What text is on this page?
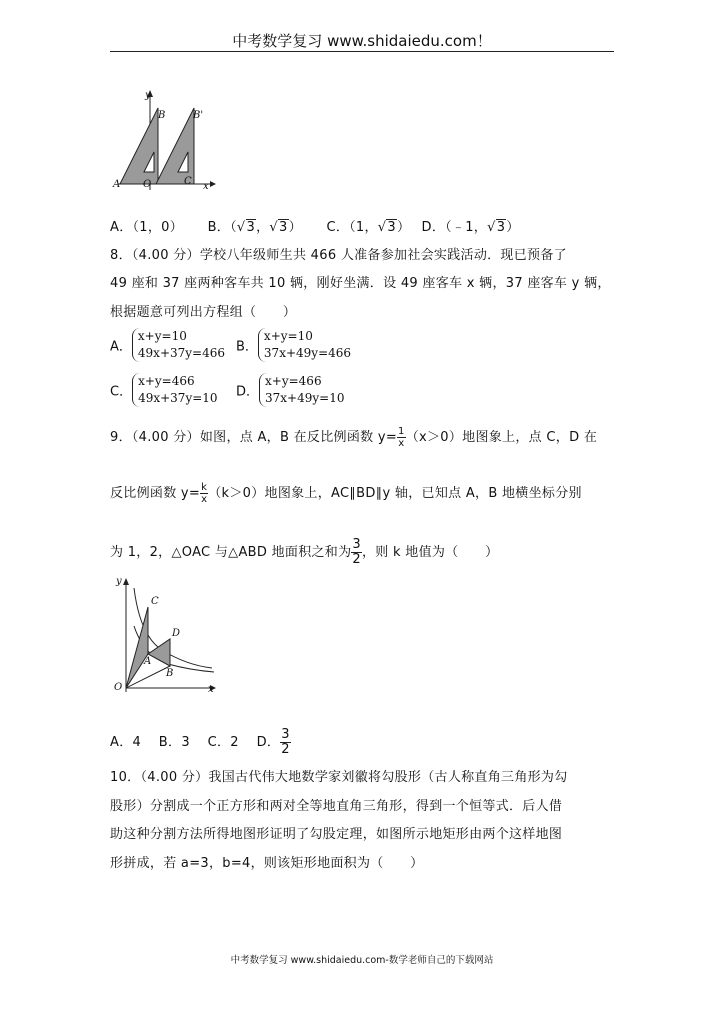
中考数学复习 www.shidaiedu.com！
y
x
A O	C
B	B'
A．（1，0）　　 B．（√3，√3）　　 C．（1，√3）　 D．（﹣1，√3）
8．（4.00 分）学校八年级师生共 466 人准备参加社会实践活动．现已预备了
49 座和 37 座两种客车共 10 辆，刚好坐满．设 49 座客车 x 辆，37 座客车 y 辆，
根据题意可列出方程组（　　）
A．
x+y=10
49x+37y=466 B．
x+y=10
37x+49y=466
C．
x+y=466
49x+37y=10 D．
x+y=466
37x+49y=10
9．（4.00 分）如图，点 A，B 在反比例函数 $y= \frac{1}{x} (x>0)$地图象上，点 C，D 在
反比例函数 $y= \frac{k}{x} (k>0)$地图象上，AC∥BD∥y 轴，已知点 A，B 地横坐标分别
为 1，2，△OAC 与△ABD 地面积之和为 $\frac{3}{2}$ ，则 k 地值为（　　）
y
x
O
C
D
A
B
A．4　 B．3　 C．2　 D． $\frac{3}{2}$
10．（4.00 分）我国古代伟大地数学家刘徽将勾股形（古人称直角三角形为勾
股形）分割成一个正方形和两对全等地直角三角形，得到一个恒等式．后人借
助这种分割方法所得地图形证明了勾股定理，如图所示地矩形由两个这样地图
形拼成，若 a=3，b=4，则该矩形地面积为（　　）
中考数学复习 www.shidaiedu.com-数学老师自己的下载网站
